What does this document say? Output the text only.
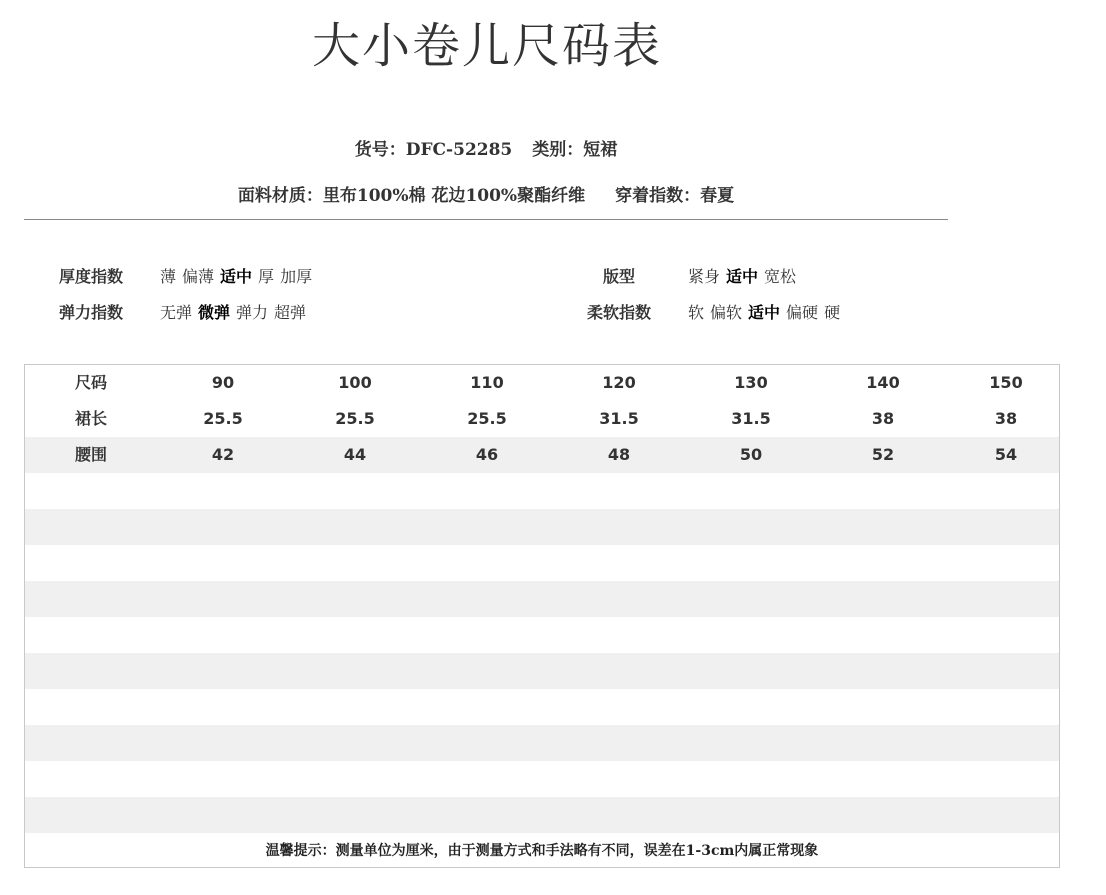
大小卷儿尺码表
货号：DFC-52285 类别：短裙
面料材质：里布100%棉 花边100%聚酯纤维 穿着指数：春夏
厚度指数	薄 偏薄 适中 厚 加厚
弹力指数	无弹 微弹 弹力 超弹
版型	紧身 适中 宽松
柔软指数	软 偏软 适中 偏硬 硬
尺码	90	100	110	120	130	140	150
裙长	25.5	25.5	25.5	31.5	31.5	38	38
腰围	42	44	46	48	50	52	54
温馨提示：测量单位为厘米，由于测量方式和手法略有不同，误差在1-3cm内属正常现象
